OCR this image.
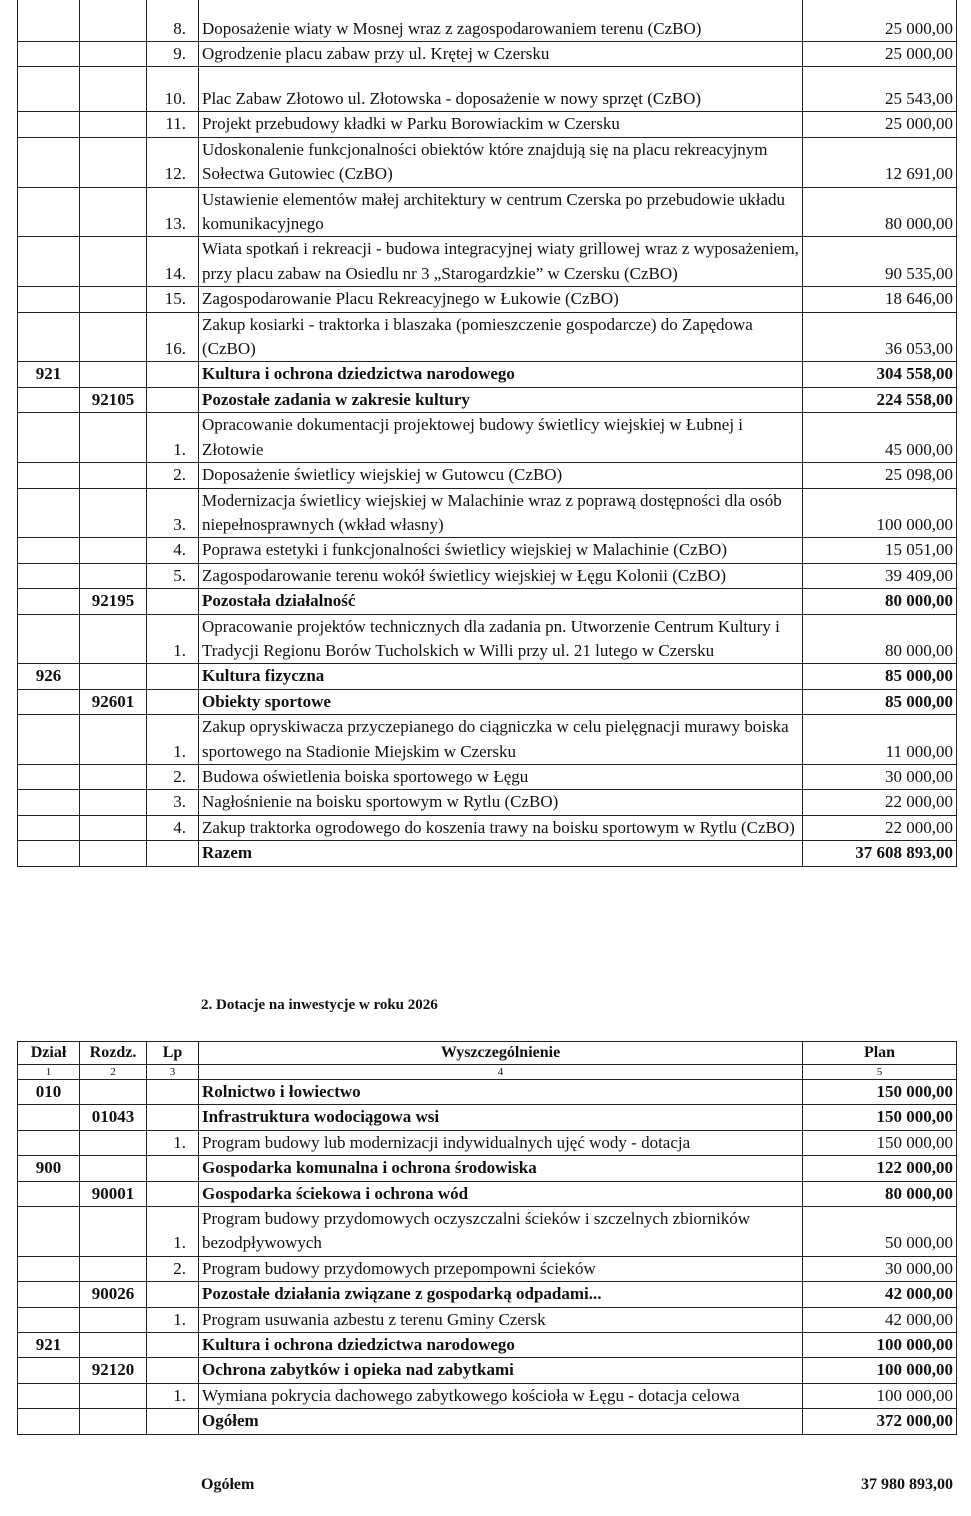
		8.	Doposażenie wiaty w Mosnej wraz z zagospodarowaniem terenu (CzBO)	25 000,00
		9.	Ogrodzenie placu zabaw przy ul. Krętej w Czersku	25 000,00
		10.	Plac Zabaw Złotowo ul. Złotowska - doposażenie w nowy sprzęt (CzBO)	25 543,00
		11.	Projekt przebudowy kładki w Parku Borowiackim w Czersku	25 000,00
		12.	Udoskonalenie funkcjonalności obiektów które znajdują się na placu rekreacyjnym Sołectwa Gutowiec (CzBO)	12 691,00
		13.	Ustawienie elementów małej architektury w centrum Czerska po przebudowie układu komunikacyjnego	80 000,00
		14.	Wiata spotkań i rekreacji - budowa integracyjnej wiaty grillowej wraz z wyposażeniem, przy placu zabaw na Osiedlu nr 3 „Starogardzkie” w Czersku (CzBO)	90 535,00
		15.	Zagospodarowanie Placu Rekreacyjnego w Łukowie (CzBO)	18 646,00
		16.	Zakup kosiarki - traktorka i blaszaka (pomieszczenie gospodarcze) do Zapędowa (CzBO)	36 053,00
921			Kultura i ochrona dziedzictwa narodowego	304 558,00
	92105		Pozostałe zadania w zakresie kultury	224 558,00
		1.	Opracowanie dokumentacji projektowej budowy świetlicy wiejskiej w Łubnej i Złotowie	45 000,00
		2.	Doposażenie świetlicy wiejskiej w Gutowcu (CzBO)	25 098,00
		3.	Modernizacja świetlicy wiejskiej w Malachinie wraz z poprawą dostępności dla osób niepełnosprawnych (wkład własny)	100 000,00
		4.	Poprawa estetyki i funkcjonalności świetlicy wiejskiej w Malachinie (CzBO)	15 051,00
		5.	Zagospodarowanie terenu wokół świetlicy wiejskiej w Łęgu Kolonii (CzBO)	39 409,00
	92195		Pozostała działalność	80 000,00
		1.	Opracowanie projektów technicznych dla zadania pn. Utworzenie Centrum Kultury i Tradycji Regionu Borów Tucholskich w Willi przy ul. 21 lutego w Czersku	80 000,00
926			Kultura fizyczna	85 000,00
	92601		Obiekty sportowe	85 000,00
		1.	Zakup opryskiwacza przyczepianego do ciągniczka w celu pielęgnacji murawy boiska sportowego na Stadionie Miejskim w Czersku	11 000,00
		2.	Budowa oświetlenia boiska sportowego w Łęgu	30 000,00
		3.	Nagłośnienie na boisku sportowym w Rytlu (CzBO)	22 000,00
		4.	Zakup traktorka ogrodowego do koszenia trawy na boisku sportowym w Rytlu (CzBO)	22 000,00
			Razem	37 608 893,00
2. Dotacje na inwestycje w roku 2026
Dział	Rozdz.	Lp	Wyszczególnienie	Plan
1	2	3	4	5
010			Rolnictwo i łowiectwo	150 000,00
	01043		Infrastruktura wodociągowa wsi	150 000,00
		1.	Program budowy lub modernizacji indywidualnych ujęć wody - dotacja	150 000,00
900			Gospodarka komunalna i ochrona środowiska	122 000,00
	90001		Gospodarka ściekowa i ochrona wód	80 000,00
		1.	Program budowy przydomowych oczyszczalni ścieków i szczelnych zbiorników bezodpływowych	50 000,00
		2.	Program budowy przydomowych przepompowni ścieków	30 000,00
	90026		Pozostałe działania związane z gospodarką odpadami...	42 000,00
		1.	Program usuwania azbestu z terenu Gminy Czersk	42 000,00
921			Kultura i ochrona dziedzictwa narodowego	100 000,00
	92120		Ochrona zabytków i opieka nad zabytkami	100 000,00
		1.	Wymiana pokrycia dachowego zabytkowego kościoła w Łęgu - dotacja celowa	100 000,00
			Ogółem	372 000,00
Ogółem	37 980 893,00
